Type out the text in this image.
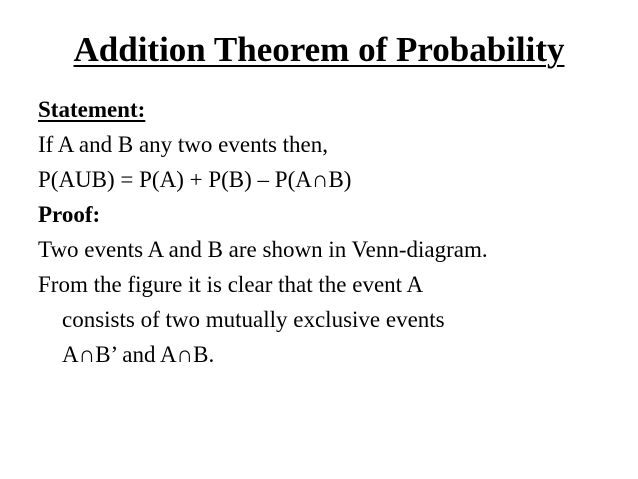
Addition Theorem of Probability
Statement:
If A and B any two events then,
P(AUB) = P(A) + P(B) – P(A∩B)
Proof:
Two events A and B are shown in Venn-diagram.
From the figure it is clear that the event A
consists of two mutually exclusive events
A∩B’ and A∩B.
